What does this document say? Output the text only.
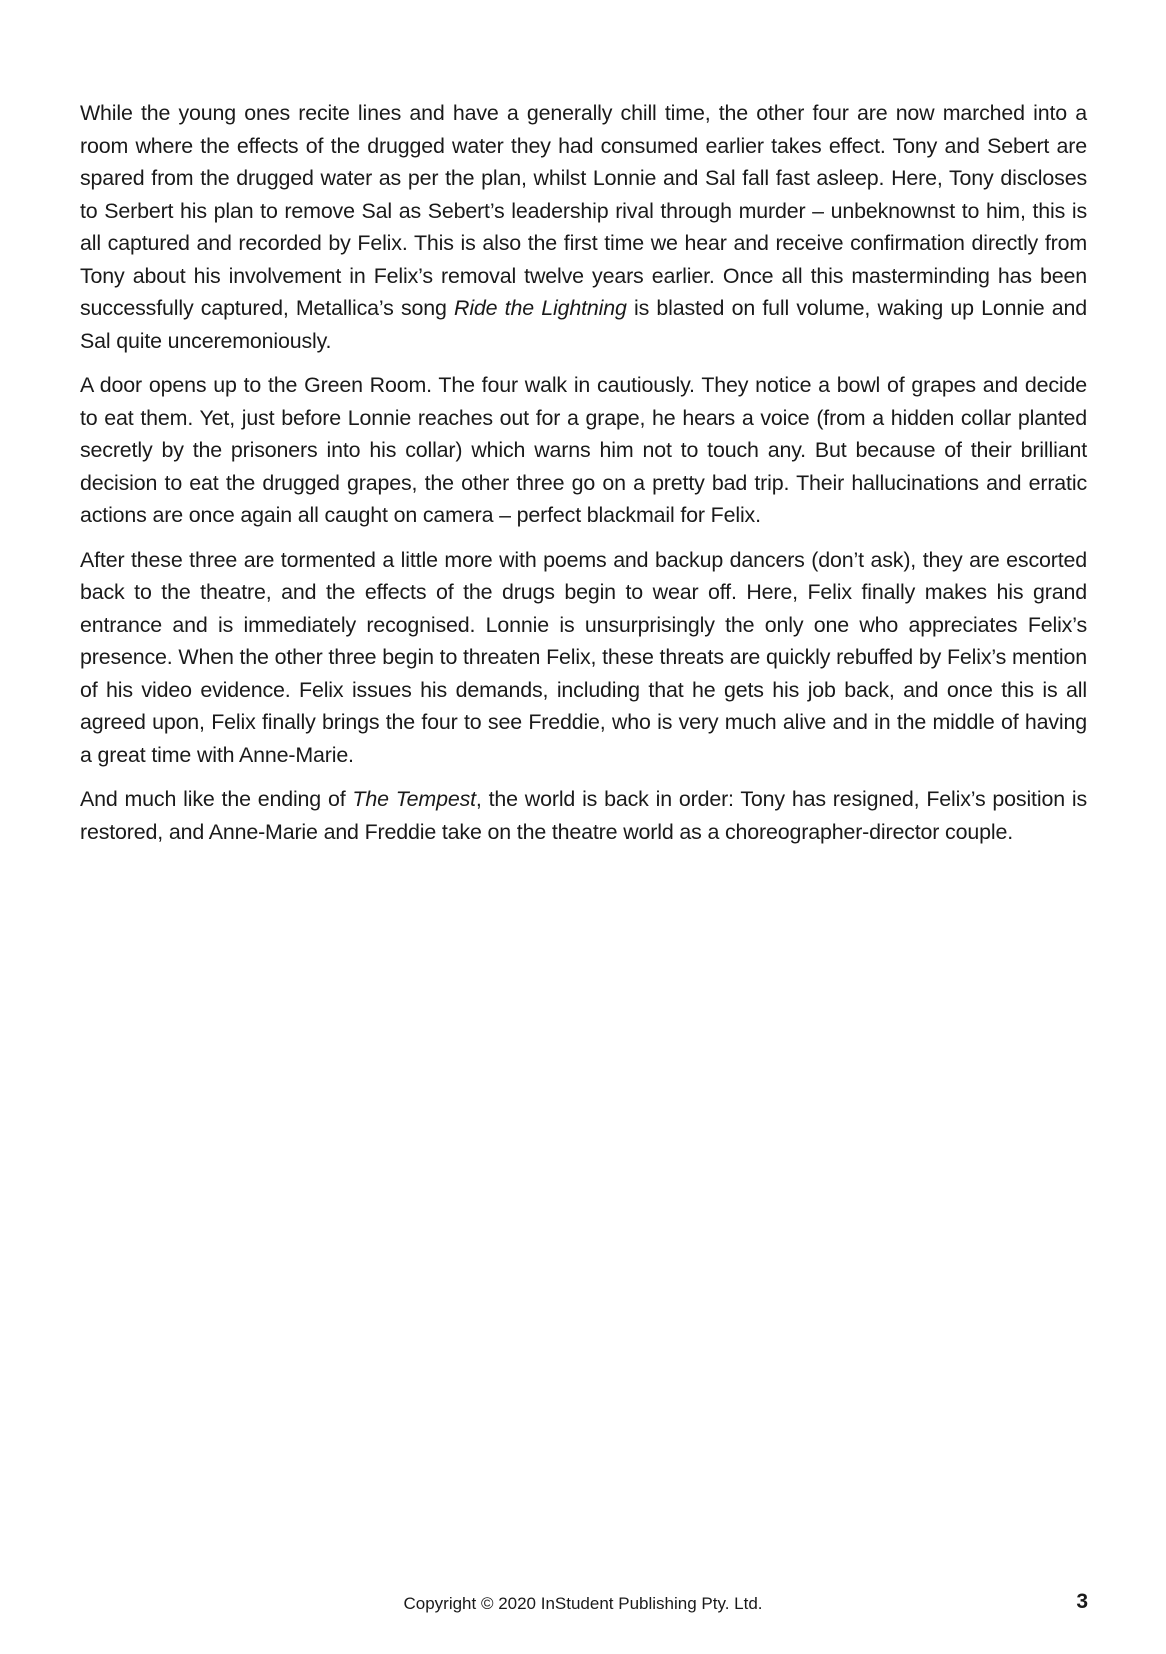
While the young ones recite lines and have a generally chill time, the other four are now marched into a room where the effects of the drugged water they had consumed earlier takes effect. Tony and Sebert are spared from the drugged water as per the plan, whilst Lonnie and Sal fall fast asleep. Here, Tony discloses to Serbert his plan to remove Sal as Sebert’s leadership rival through murder – unbeknownst to him, this is all captured and recorded by Felix. This is also the first time we hear and receive confirmation directly from Tony about his involvement in Felix’s removal twelve years earlier. Once all this masterminding has been successfully captured, Metallica’s song Ride the Lightning is blasted on full volume, waking up Lonnie and Sal quite unceremoniously.

A door opens up to the Green Room. The four walk in cautiously. They notice a bowl of grapes and decide to eat them. Yet, just before Lonnie reaches out for a grape, he hears a voice (from a hidden collar planted secretly by the prisoners into his collar) which warns him not to touch any. But because of their brilliant decision to eat the drugged grapes, the other three go on a pretty bad trip. Their hallucinations and erratic actions are once again all caught on camera – perfect blackmail for Felix.

After these three are tormented a little more with poems and backup dancers (don’t ask), they are escorted back to the theatre, and the effects of the drugs begin to wear off. Here, Felix finally makes his grand entrance and is immediately recognised. Lonnie is unsurprisingly the only one who appreciates Felix’s presence. When the other three begin to threaten Felix, these threats are quickly rebuffed by Felix’s mention of his video evidence. Felix issues his demands, including that he gets his job back, and once this is all agreed upon, Felix finally brings the four to see Freddie, who is very much alive and in the middle of having a great time with Anne-Marie.

And much like the ending of The Tempest, the world is back in order: Tony has resigned, Felix’s position is restored, and Anne-Marie and Freddie take on the theatre world as a choreographer-director couple.

Copyright © 2020 InStudent Publishing Pty. Ltd.	3
